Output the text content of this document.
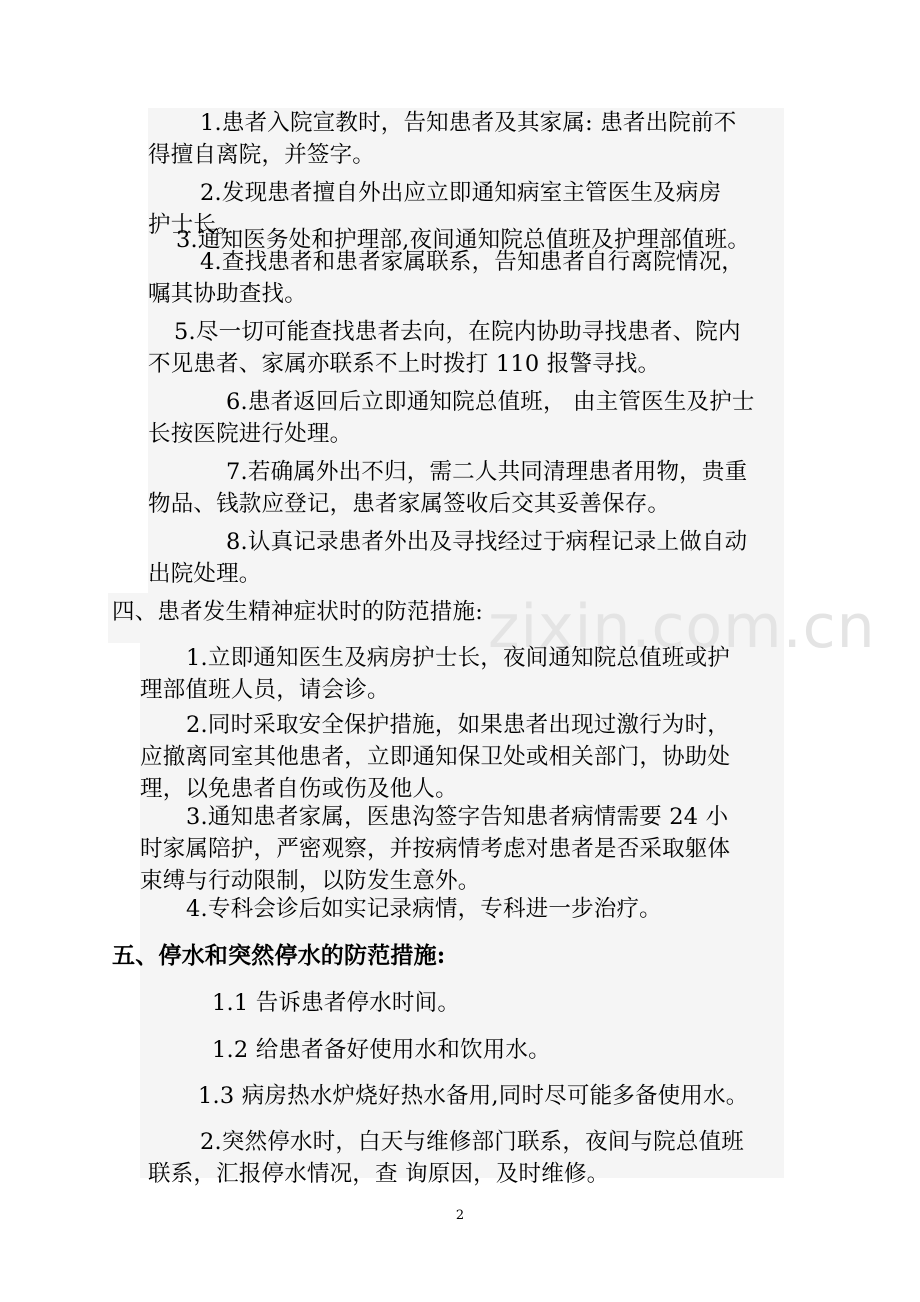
zixin.com.cn
1.患者入院宣教时，告知患者及其家属: 患者出院前不
得擅自离院，并签字。
2.发现患者擅自外出应立即通知病室主管医生及病房
护士长。
3.通知医务处和护理部,夜间通知院总值班及护理部值班。
4.查找患者和患者家属联系，告知患者自行离院情况，
嘱其协助查找。
5.尽一切可能查找患者去向，在院内协助寻找患者、院内
不见患者、家属亦联系不上时拨打 110 报警寻找。
6.患者返回后立即通知院总值班， 由主管医生及护士
长按医院进行处理。
7.若确属外出不归，需二人共同清理患者用物，贵重
物品、钱款应登记，患者家属签收后交其妥善保存。
8.认真记录患者外出及寻找经过于病程记录上做自动
出院处理。
四、患者发生精神症状时的防范措施:
1.立即通知医生及病房护士长，夜间通知院总值班或护
理部值班人员，请会诊。
2.同时采取安全保护措施，如果患者出现过激行为时，
应撤离同室其他患者，立即通知保卫处或相关部门，协助处
理，以免患者自伤或伤及他人。
3.通知患者家属，医患沟签字告知患者病情需要 24 小
时家属陪护，严密观察，并按病情考虑对患者是否采取躯体
束缚与行动限制，以防发生意外。
4.专科会诊后如实记录病情，专科进一步治疗。
五、停水和突然停水的防范措施:
1.1 告诉患者停水时间。
1.2 给患者备好使用水和饮用水。
1.3 病房热水炉烧好热水备用,同时尽可能多备使用水。
2.突然停水时，白天与维修部门联系，夜间与院总值班
联系，汇报停水情况，查 询原因，及时维修。
2
